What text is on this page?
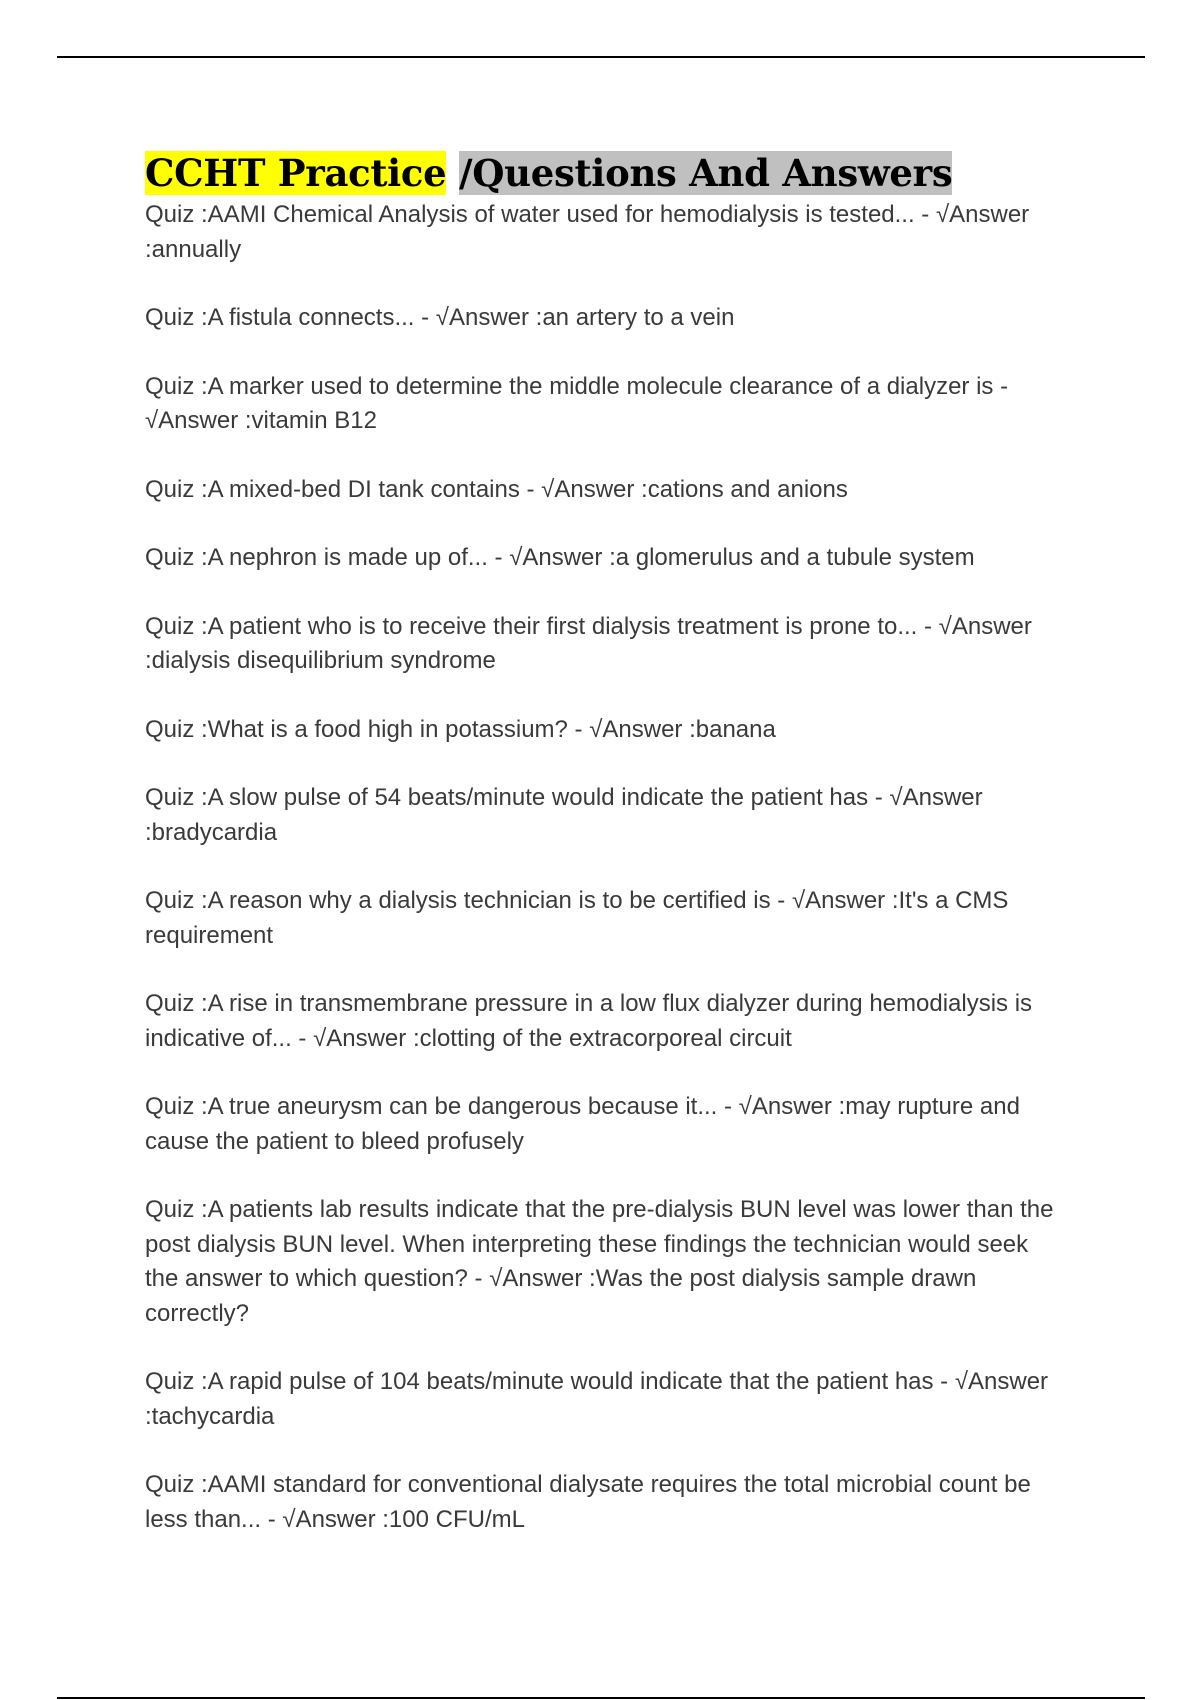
CCHT Practice /Questions And Answers

Quiz :AAMI Chemical Analysis of water used for hemodialysis is tested... - √Answer :annually

Quiz :A fistula connects... - √Answer :an artery to a vein

Quiz :A marker used to determine the middle molecule clearance of a dialyzer is - √Answer :vitamin B12

Quiz :A mixed-bed DI tank contains - √Answer :cations and anions

Quiz :A nephron is made up of... - √Answer :a glomerulus and a tubule system

Quiz :A patient who is to receive their first dialysis treatment is prone to... - √Answer :dialysis disequilibrium syndrome

Quiz :What is a food high in potassium? - √Answer :banana

Quiz :A slow pulse of 54 beats/minute would indicate the patient has - √Answer :bradycardia

Quiz :A reason why a dialysis technician is to be certified is - √Answer :It's a CMS requirement

Quiz :A rise in transmembrane pressure in a low flux dialyzer during hemodialysis is indicative of... - √Answer :clotting of the extracorporeal circuit

Quiz :A true aneurysm can be dangerous because it... - √Answer :may rupture and cause the patient to bleed profusely

Quiz :A patients lab results indicate that the pre-dialysis BUN level was lower than the post dialysis BUN level. When interpreting these findings the technician would seek the answer to which question? - √Answer :Was the post dialysis sample drawn correctly?

Quiz :A rapid pulse of 104 beats/minute would indicate that the patient has - √Answer :tachycardia

Quiz :AAMI standard for conventional dialysate requires the total microbial count be less than... - √Answer :100 CFU/mL
